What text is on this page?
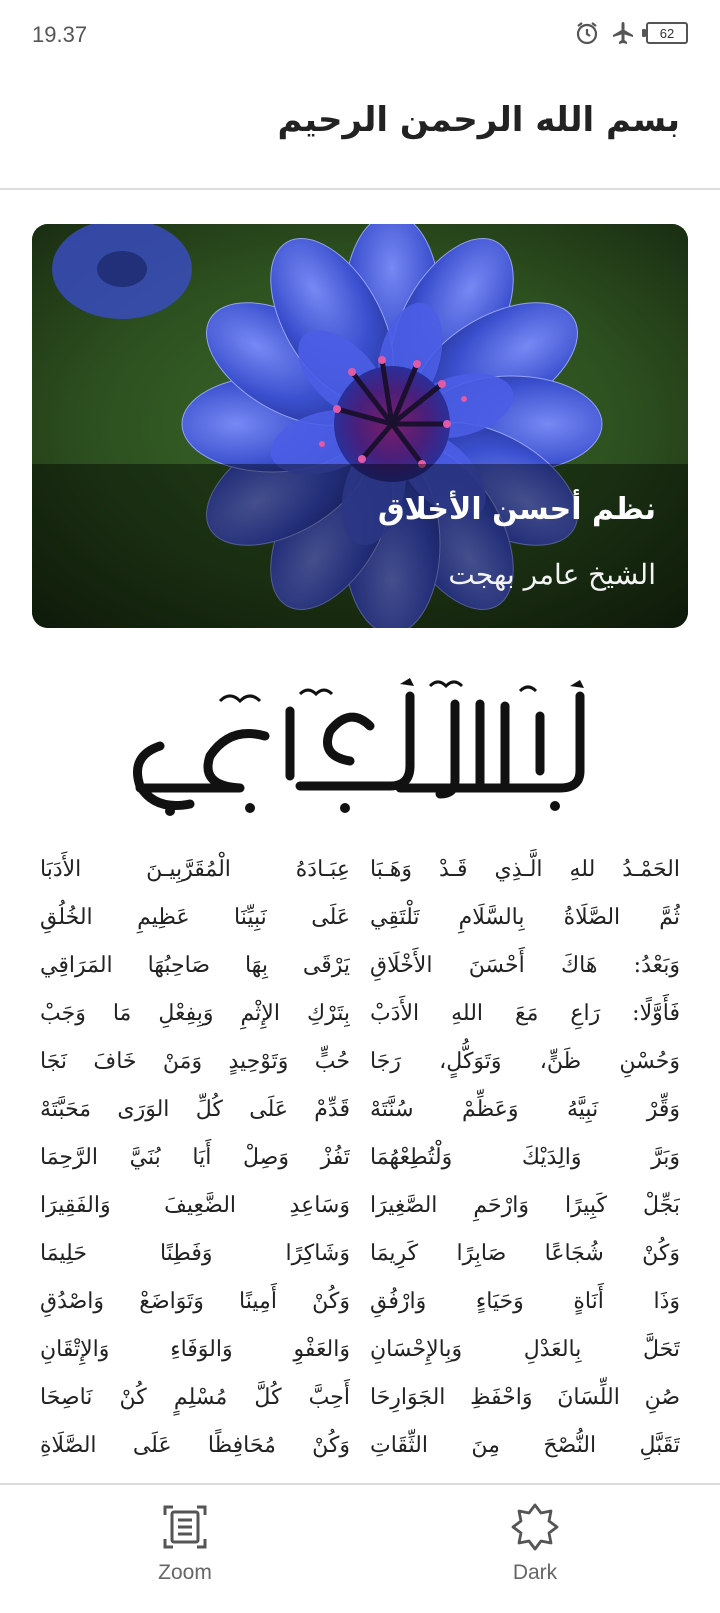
19.37	62
بسم الله الرحمن الرحيم
نظم أحسن الأخلاق
الشيخ عامر بهجت
الحَمْـدُ للهِ الَّـذِي قَـدْ وَهَـبَا
عِبَـادَهُ الْمُقَرَّبِيـنَ الأَدَبَا
ثُمَّ الصَّلَاةُ بِالسَّلَامِ تَلْتَقِي
عَلَى نَبِيِّنَا عَظِيمِ الخُلُقِ
وَبَعْدُ: هَاكَ أَحْسَنَ الأَخْلَاقِ
يَرْقَى بِهَا صَاحِبُهَا المَرَاقِي
فَأَوَّلًا: رَاعِ مَعَ اللهِ الأَدَبْ
بِتَرْكِ الإِثْمِ وَبِفِعْلِ مَا وَجَبْ
وَحُسْنِ ظَنٍّ، وَتَوَكُّلٍ، رَجَا
حُبٍّ وَتَوْحِيدٍ وَمَنْ خَافَ نَجَا
وَقِّرْ نَبِيَّهُ وَعَظِّمْ سُنَّتَهْ
قَدِّمْ عَلَى كُلِّ الوَرَى مَحَبَّتَهْ
وَبَرَّ وَالِدَيْكَ وَلْتُطِعْهُمَا
تَفُزْ وَصِلْ أَيَا بُنَيَّ الرَّحِمَا
بَجِّلْ كَبِيرًا وَارْحَمِ الصَّغِيرَا
وَسَاعِدِ الضَّعِيفَ وَالفَقِيرَا
وَكُنْ شُجَاعًا صَابِرًا كَرِيمَا
وَشَاكِرًا وَفَطِنًا حَلِيمَا
وَذَا أَنَاةٍ وَحَيَاءٍ وَارْفُقِ
وَكُنْ أَمِينًا وَتَوَاضَعْ وَاصْدُقِ
تَحَلَّ بِالعَدْلِ وَبِالإِحْسَانِ
وَالعَفْوِ وَالوَفَاءِ وَالإِتْقَانِ
صُنِ اللِّسَانَ وَاحْفَظِ الجَوَارِحَا
أَحِبَّ كُلَّ مُسْلِمٍ كُنْ نَاصِحَا
تَقَبَّلِ النُّصْحَ مِنَ الثِّقَاتِ
وَكُنْ مُحَافِظًا عَلَى الصَّلَاةِ
Zoom	Dark
